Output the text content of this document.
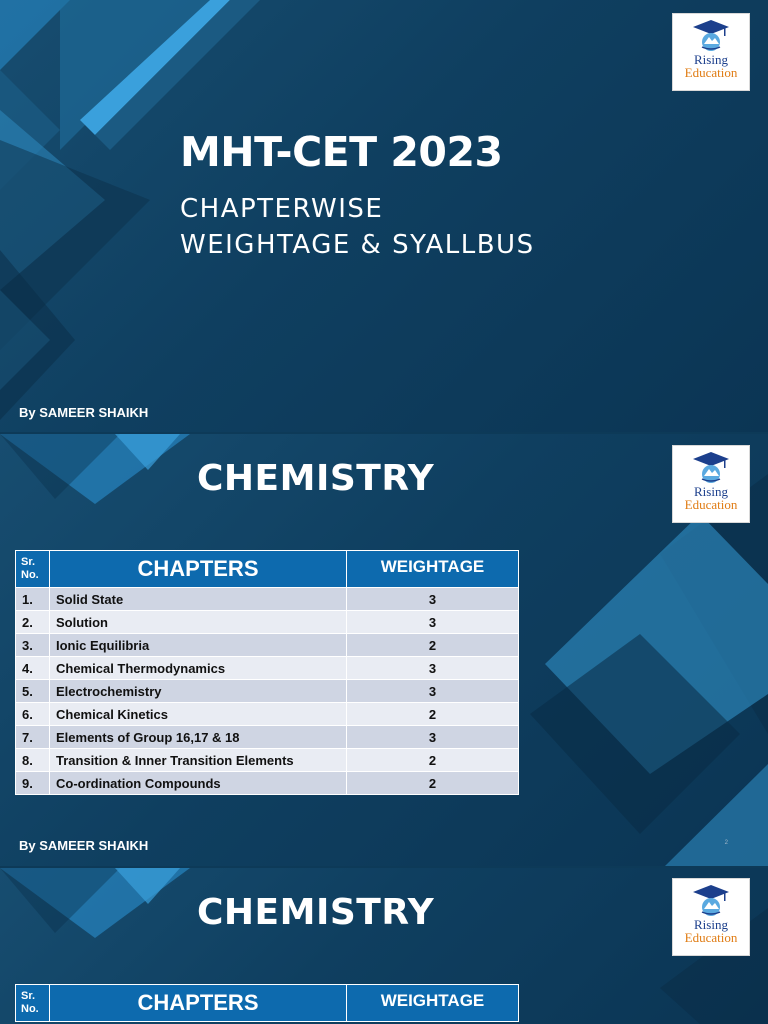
Rising
Education
MHT-CET 2023
CHAPTERWISE
WEIGHTAGE & SYALLBUS
By SAMEER SHAIKH
Rising
Education
CHEMISTRY
Sr. No.	CHAPTERS	WEIGHTAGE
1.	Solid State	3
2.	Solution	3
3.	Ionic Equilibria	2
4.	Chemical Thermodynamics	3
5.	Electrochemistry	3
6.	Chemical Kinetics	2
7.	Elements of Group 16,17 & 18	3
8.	Transition & Inner Transition Elements	2
9.	Co-ordination Compounds	2
By SAMEER SHAIKH	2
Rising
Education
CHEMISTRY
Sr. No.	CHAPTERS	WEIGHTAGE
